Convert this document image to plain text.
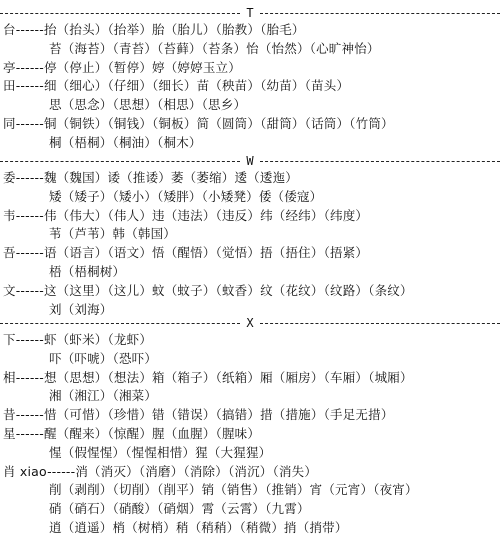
T
台------抬（抬头）（抬举）胎（胎儿）（胎教）（胎毛）
苔（海苔）（青苔）（苔藓）（苔条）怡（怡然）（心旷神怡）
亭------停（停止）（暂停）婷（婷婷玉立）
田------细（细心）（仔细）（细长）苗（秧苗）（幼苗）（苗头）
思（思念）（思想）（相思）（思乡）
同------铜（铜铁）（铜钱）（铜板）简（圆筒）（甜筒）（话筒）（竹筒）
桐（梧桐）（桐油）（桐木）
W
委------魏（魏国）诿（推诿）萎（萎缩）逶（逶迤）
矮（矮子）（矮小）（矮胖）（小矮凳）倭（倭寇）
韦------伟（伟大）（伟人）违（违法）（违反）纬（经纬）（纬度）
苇（芦苇）韩（韩国）
吾------语（语言）（语文）悟（醒悟）（觉悟）捂（捂住）（捂紧）
梧（梧桐树）
文------这（这里）（这儿）蚊（蚊子）（蚊香）纹（花纹）（纹路）（条纹）
刘（刘海）
X
下------虾（虾米）（龙虾）
吓（吓唬）（恐吓）
相------想（思想）（想法）箱（箱子）（纸箱）厢（厢房）（车厢）（城厢）
湘（湘江）（湘菜）
昔------惜（可惜）（珍惜）错（错误）（搞错）措（措施）（手足无措）
星------醒（醒来）（惊醒）腥（血腥）（腥味）
惺（假惺惺）（惺惺相惜）猩（大猩猩）
肖 xiao------消（消灭）（消磨）（消除）（消沉）（消失）
削（剥削）（切削）（削平）销（销售）（推销）宵（元宵）（夜宵）
硝（硝石）（硝酸）（硝烟）霄（云霄）（九霄）
逍（逍遥）梢（树梢）稍（稍稍）（稍微）捎（捎带）
